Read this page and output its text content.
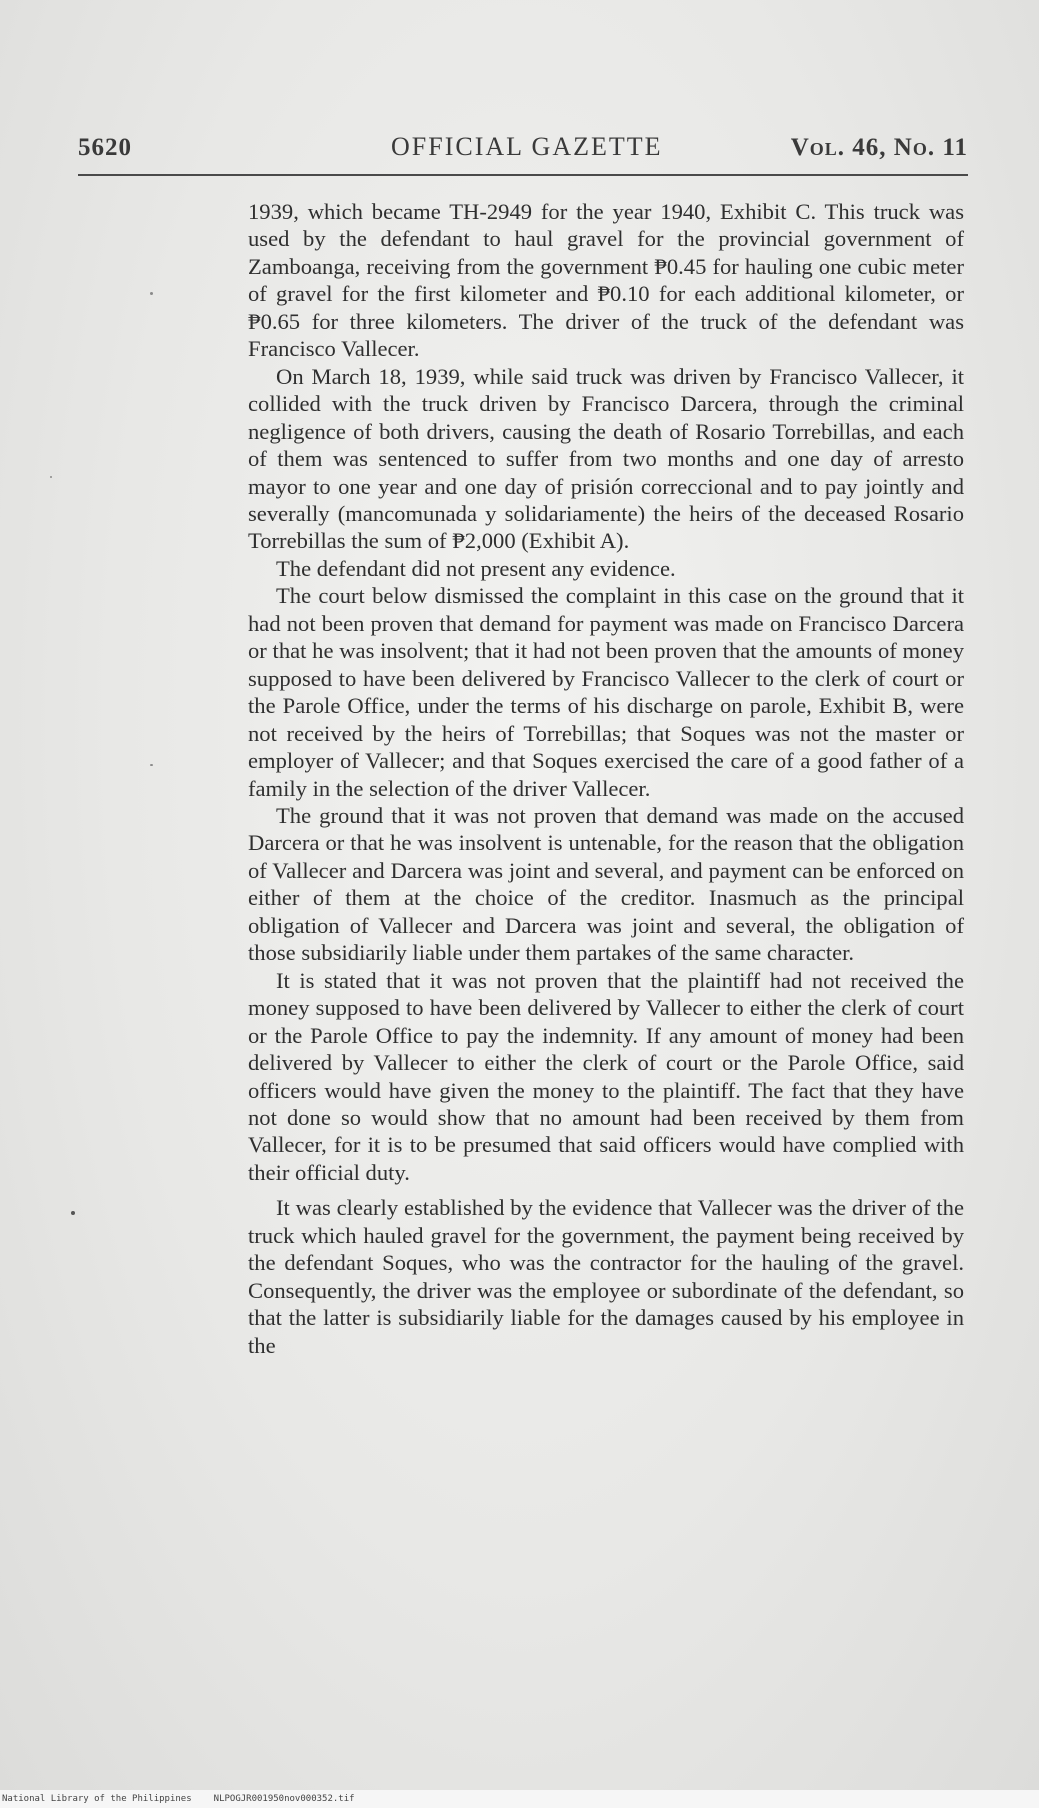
5620	OFFICIAL GAZETTE	Vol. 46, No. 11

1939, which became TH-2949 for the year 1940, Exhibit C. This truck was used by the defendant to haul gravel for the provincial government of Zamboanga, receiving from the government ₱0.45 for hauling one cubic meter of gravel for the first kilometer and ₱0.10 for each additional kilometer, or ₱0.65 for three kilometers. The driver of the truck of the defendant was Francisco Vallecer.

On March 18, 1939, while said truck was driven by Francisco Vallecer, it collided with the truck driven by Francisco Darcera, through the criminal negligence of both drivers, causing the death of Rosario Torrebillas, and each of them was sentenced to suffer from two months and one day of arresto mayor to one year and one day of prisión correccional and to pay jointly and severally (mancomunada y solidariamente) the heirs of the deceased Rosario Torrebillas the sum of ₱2,000 (Exhibit A).

The defendant did not present any evidence.

The court below dismissed the complaint in this case on the ground that it had not been proven that demand for payment was made on Francisco Darcera or that he was insolvent; that it had not been proven that the amounts of money supposed to have been delivered by Francisco Vallecer to the clerk of court or the Parole Office, under the terms of his discharge on parole, Exhibit B, were not received by the heirs of Torrebillas; that Soques was not the master or employer of Vallecer; and that Soques exercised the care of a good father of a family in the selection of the driver Vallecer.

The ground that it was not proven that demand was made on the accused Darcera or that he was insolvent is untenable, for the reason that the obligation of Vallecer and Darcera was joint and several, and payment can be enforced on either of them at the choice of the creditor. Inasmuch as the principal obligation of Vallecer and Darcera was joint and several, the obligation of those subsidiarily liable under them partakes of the same character.

It is stated that it was not proven that the plaintiff had not received the money supposed to have been delivered by Vallecer to either the clerk of court or the Parole Office to pay the indemnity. If any amount of money had been delivered by Vallecer to either the clerk of court or the Parole Office, said officers would have given the money to the plaintiff. The fact that they have not done so would show that no amount had been received by them from Vallecer, for it is to be presumed that said officers would have complied with their official duty.

It was clearly established by the evidence that Vallecer was the driver of the truck which hauled gravel for the government, the payment being received by the defendant Soques, who was the contractor for the hauling of the gravel. Consequently, the driver was the employee or subordinate of the defendant, so that the latter is subsidiarily liable for the damages caused by his employee in the

National Library of the Philippines NLPOGJR001950nov000352.tif
